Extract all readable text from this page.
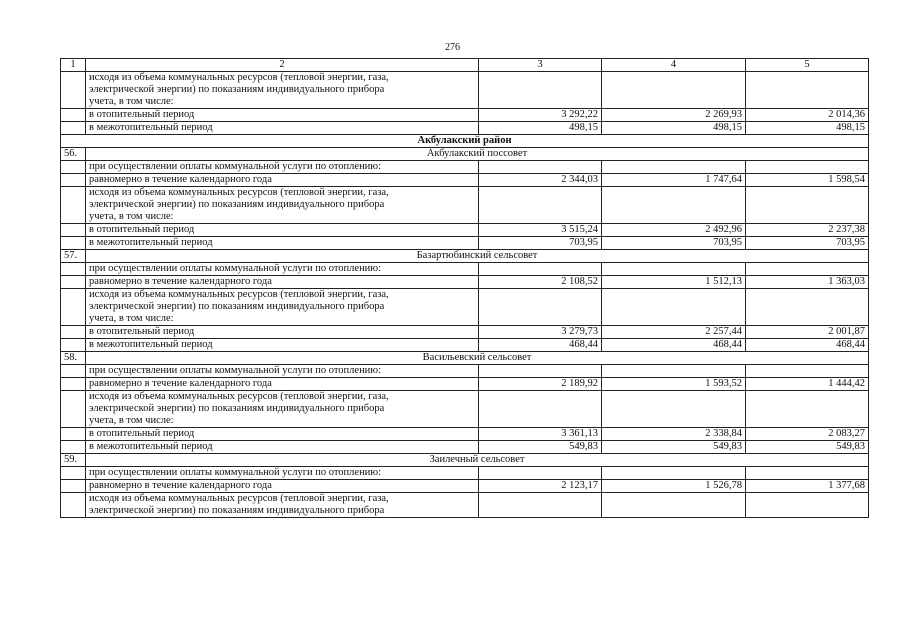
276
1	2	3	4	5
	исходя из объема коммунальных ресурсов (тепловой энергии, газа,
электрической энергии) по показаниям индивидуального прибора
учета, в том числе:			
	в отопительный период	3 292,22	2 269,93	2 014,36
	в межотопительный период	498,15	498,15	498,15
Акбулакский район				
56.	Акбулакский поссовет			
	при осуществлении оплаты коммунальной услуги по отоплению:			
	равномерно в течение календарного года	2 344,03	1 747,64	1 598,54
	исходя из объема коммунальных ресурсов (тепловой энергии, газа,
электрической энергии) по показаниям индивидуального прибора
учета, в том числе:			
	в отопительный период	3 515,24	2 492,96	2 237,38
	в межотопительный период	703,95	703,95	703,95
57.	Базартюбинский сельсовет			
	при осуществлении оплаты коммунальной услуги по отоплению:			
	равномерно в течение календарного года	2 108,52	1 512,13	1 363,03
	исходя из объема коммунальных ресурсов (тепловой энергии, газа,
электрической энергии) по показаниям индивидуального прибора
учета, в том числе:			
	в отопительный период	3 279,73	2 257,44	2 001,87
	в межотопительный период	468,44	468,44	468,44
58.	Васильевский сельсовет			
	при осуществлении оплаты коммунальной услуги по отоплению:			
	равномерно в течение календарного года	2 189,92	1 593,52	1 444,42
	исходя из объема коммунальных ресурсов (тепловой энергии, газа,
электрической энергии) по показаниям индивидуального прибора
учета, в том числе:			
	в отопительный период	3 361,13	2 338,84	2 083,27
	в межотопительный период	549,83	549,83	549,83
59.	Заилечный сельсовет			
	при осуществлении оплаты коммунальной услуги по отоплению:			
	равномерно в течение календарного года	2 123,17	1 526,78	1 377,68
	исходя из объема коммунальных ресурсов (тепловой энергии, газа,
электрической энергии) по показаниям индивидуального прибора			
